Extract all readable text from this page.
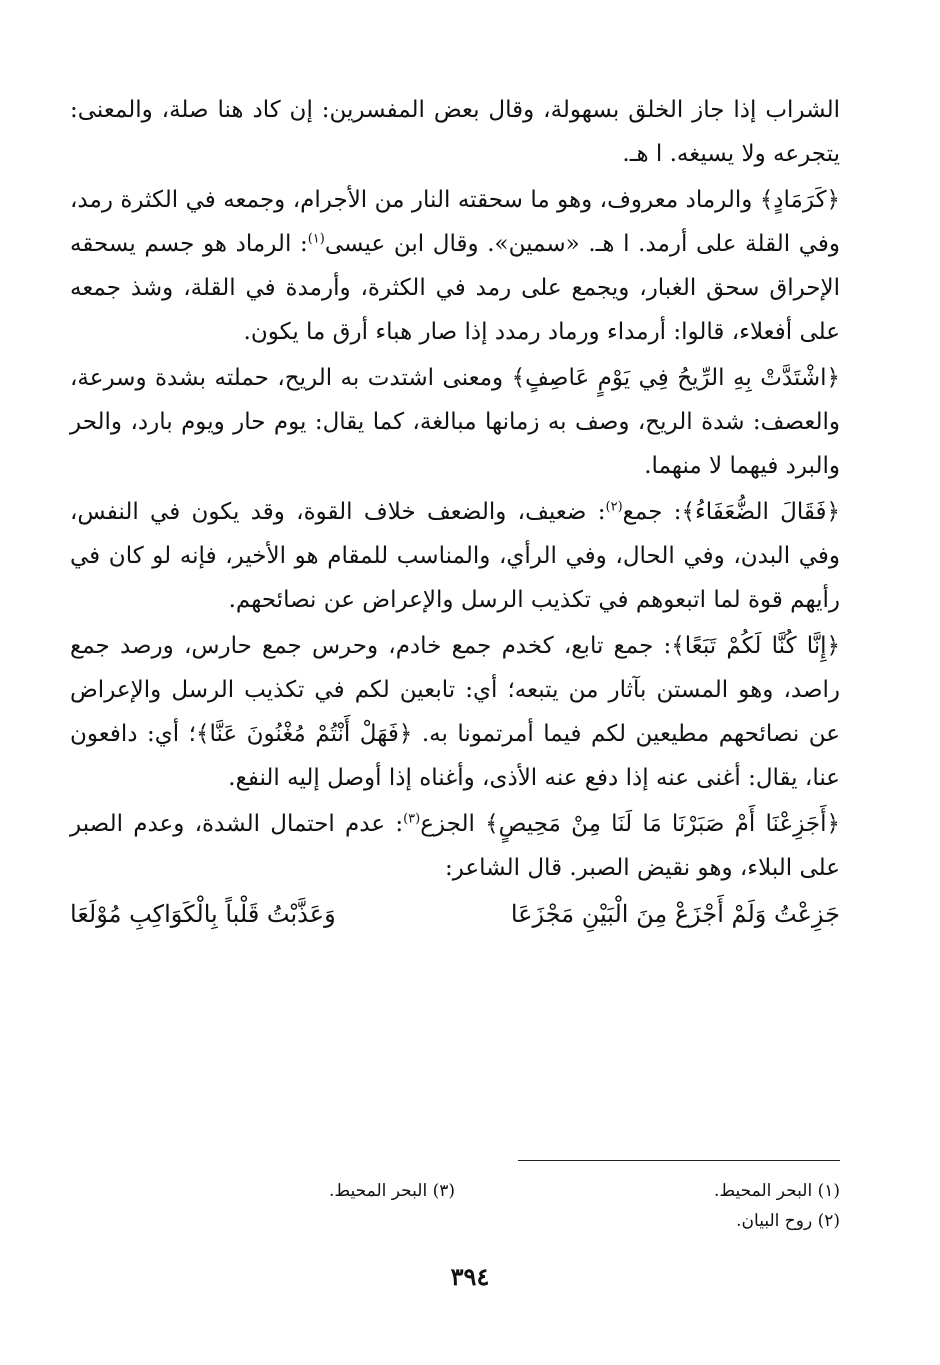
الشراب إذا جاز الخلق بسهولة، وقال بعض المفسرين: إن كاد هنا صلة، والمعنى: يتجرعه ولا يسيغه. ا هـ.

﴿كَرَمَادٍ﴾ والرماد معروف، وهو ما سحقته النار من الأجرام، وجمعه في الكثرة رمد، وفي القلة على أرمد. ا هـ. «سمين». وقال ابن عيسى$^{(١)}$: الرماد هو جسم يسحقه الإحراق سحق الغبار، ويجمع على رمد في الكثرة، وأرمدة في القلة، وشذ جمعه على أفعلاء، قالوا: أرمداء ورماد رمدد إذا صار هباء أرق ما يكون.

﴿اشْتَدَّتْ بِهِ الرِّيحُ فِي يَوْمٍ عَاصِفٍ﴾ ومعنى اشتدت به الريح، حملته بشدة وسرعة، والعصف: شدة الريح، وصف به زمانها مبالغة، كما يقال: يوم حار ويوم بارد، والحر والبرد فيهما لا منهما.

﴿فَقَالَ الضُّعَفَاءُ﴾: جمع$^{(٢)}$: ضعيف، والضعف خلاف القوة، وقد يكون في النفس، وفي البدن، وفي الحال، وفي الرأي، والمناسب للمقام هو الأخير، فإنه لو كان في رأيهم قوة لما اتبعوهم في تكذيب الرسل والإعراض عن نصائحهم.

﴿إِنَّا كُنَّا لَكُمْ تَبَعًا﴾: جمع تابع، كخدم جمع خادم، وحرس جمع حارس، ورصد جمع راصد، وهو المستن بآثار من يتبعه؛ أي: تابعين لكم في تكذيب الرسل والإعراض عن نصائحهم مطيعين لكم فيما أمرتمونا به. ﴿فَهَلْ أَنْتُمْ مُغْنُونَ عَنَّا﴾؛ أي: دافعون عنا، يقال: أغنى عنه إذا دفع عنه الأذى، وأغناه إذا أوصل إليه النفع.

﴿أَجَزِعْنَا أَمْ صَبَرْنَا مَا لَنَا مِنْ مَحِيصٍ﴾ الجزع$^{(٣)}$: عدم احتمال الشدة، وعدم الصبر على البلاء، وهو نقيض الصبر. قال الشاعر:

جَزِعْتُ وَلَمْ أَجْزَعْ مِنَ الْبَيْنِ مَجْزَعَا
وَعَذَّبْتُ قَلْباً بِالْكَوَاكِبِ مُوْلَعَا
(١) البحر المحيط.
(٣) البحر المحيط.
(٢) روح البيان.
٣٩٤
